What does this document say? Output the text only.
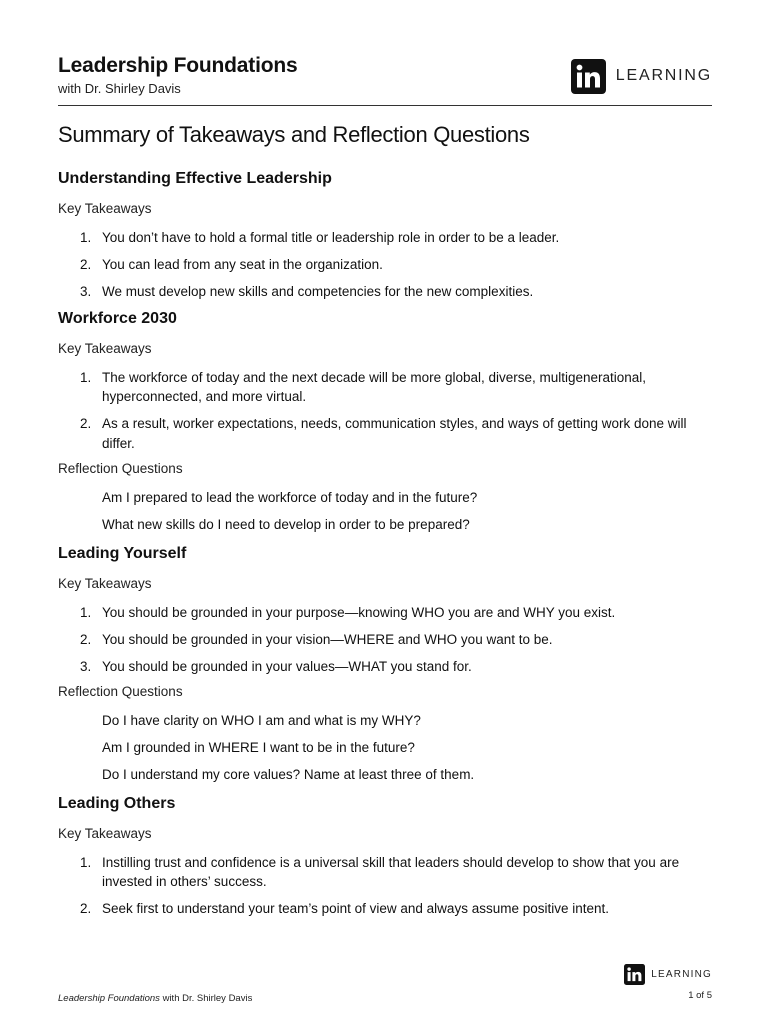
Leadership Foundations
with Dr. Shirley Davis
LEARNING
Summary of Takeaways and Reflection Questions
Understanding Effective Leadership
Key Takeaways
1. You don’t have to hold a formal title or leadership role in order to be a leader.
2. You can lead from any seat in the organization.
3. We must develop new skills and competencies for the new complexities.
Workforce 2030
Key Takeaways
1. The workforce of today and the next decade will be more global, diverse, multigenerational, hyperconnected, and more virtual.
2. As a result, worker expectations, needs, communication styles, and ways of getting work done will differ.
Reflection Questions
Am I prepared to lead the workforce of today and in the future?
What new skills do I need to develop in order to be prepared?
Leading Yourself
Key Takeaways
1. You should be grounded in your purpose—knowing WHO you are and WHY you exist.
2. You should be grounded in your vision—WHERE and WHO you want to be.
3. You should be grounded in your values—WHAT you stand for.
Reflection Questions
Do I have clarity on WHO I am and what is my WHY?
Am I grounded in WHERE I want to be in the future?
Do I understand my core values? Name at least three of them.
Leading Others
Key Takeaways
1. Instilling trust and confidence is a universal skill that leaders should develop to show that you are invested in others’ success.
2. Seek first to understand your team’s point of view and always assume positive intent.
Leadership Foundations with Dr. Shirley Davis
LEARNING
1 of 5
